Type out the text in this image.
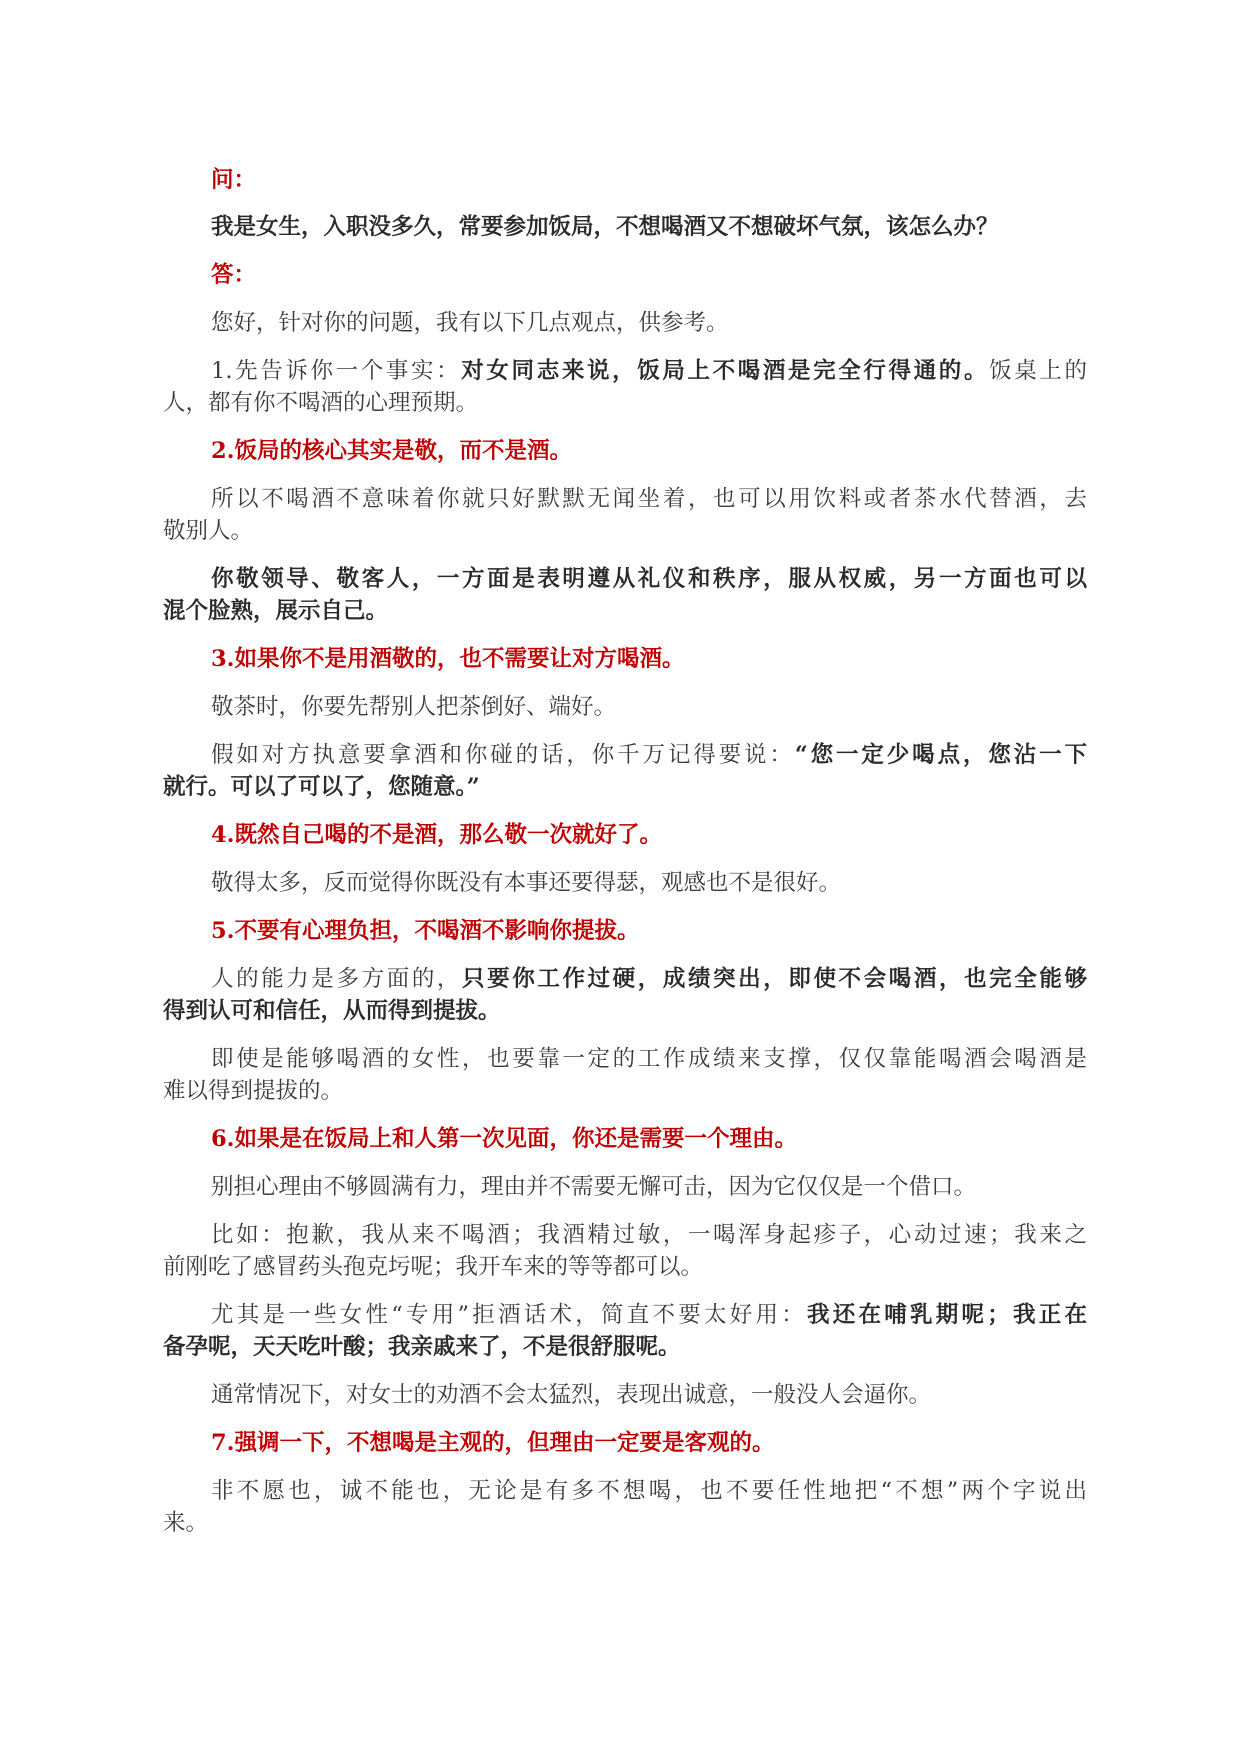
问：
我是女生，入职没多久，常要参加饭局，不想喝酒又不想破坏气氛，该怎么办？
答：
您好，针对你的问题，我有以下几点观点，供参考。
1.先告诉你一个事实：对女同志来说，饭局上不喝酒是完全行得通的。饭桌上的
人，都有你不喝酒的心理预期。
2.饭局的核心其实是敬，而不是酒。
所以不喝酒不意味着你就只好默默无闻坐着，也可以用饮料或者茶水代替酒，去
敬别人。
你敬领导、敬客人，一方面是表明遵从礼仪和秩序，服从权威，另一方面也可以
混个脸熟，展示自己。
3.如果你不是用酒敬的，也不需要让对方喝酒。
敬茶时，你要先帮别人把茶倒好、端好。
假如对方执意要拿酒和你碰的话，你千万记得要说：“您一定少喝点，您沾一下
就行。可以了可以了，您随意。”
4.既然自己喝的不是酒，那么敬一次就好了。
敬得太多，反而觉得你既没有本事还要得瑟，观感也不是很好。
5.不要有心理负担，不喝酒不影响你提拔。
人的能力是多方面的，只要你工作过硬，成绩突出，即使不会喝酒，也完全能够
得到认可和信任，从而得到提拔。
即使是能够喝酒的女性，也要靠一定的工作成绩来支撑，仅仅靠能喝酒会喝酒是
难以得到提拔的。
6.如果是在饭局上和人第一次见面，你还是需要一个理由。
别担心理由不够圆满有力，理由并不需要无懈可击，因为它仅仅是一个借口。
比如：抱歉，我从来不喝酒；我酒精过敏，一喝浑身起疹子，心动过速；我来之
前刚吃了感冒药头孢克圬呢；我开车来的等等都可以。
尤其是一些女性“专用”拒酒话术，简直不要太好用：我还在哺乳期呢；我正在
备孕呢，天天吃叶酸；我亲戚来了，不是很舒服呢。
通常情况下，对女士的劝酒不会太猛烈，表现出诚意，一般没人会逼你。
7.强调一下，不想喝是主观的，但理由一定要是客观的。
非不愿也，诚不能也，无论是有多不想喝，也不要任性地把“不想”两个字说出
来。
